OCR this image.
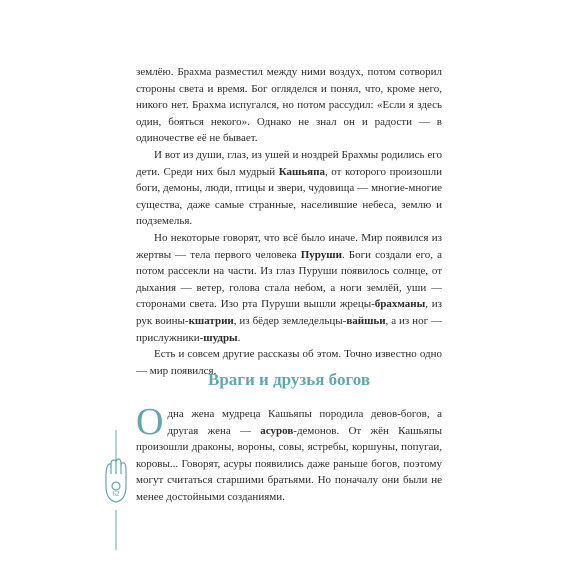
землёю. Брахма разместил между ними воздух, потом сотворил стороны света и время. Бог огляделся и понял, что, кроме него, никого нет. Брахма испугался, но потом рассудил: «Если я здесь один, бояться некого». Однако не знал он и радости — в одиночестве её не бывает.

И вот из души, глаз, из ушей и ноздрей Брахмы родились его дети. Среди них был мудрый Кашьяпа, от которого произошли боги, демоны, люди, птицы и звери, чудовища — многие-многие существа, даже самые странные, населившие небеса, землю и подземелья.

Но некоторые говорят, что всё было иначе. Мир появился из жертвы — тела первого человека Пуруши. Боги создали его, а потом рассекли на части. Из глаз Пуруши появилось солнце, от дыхания — ветер, голова стала небом, а ноги землёй, уши — сторонами света. Изо рта Пуруши вышли жрецы-брахманы, из рук воины-кшатрии, из бёдер земледельцы-вайшьи, а из ног — прислужники-шудры.

Есть и совсем другие рассказы об этом. Точно известно одно — мир появился.

Враги и друзья богов
О дна жена мудреца Кашьяпы породила девов-богов, а другая жена — асуров-демонов. От жён Кашьяпы произошли драконы, вороны, совы, ястребы, коршуны, попугаи, коровы... Говорят, асуры появились даже раньше богов, поэтому могут считаться старшими братьями. Но поначалу они были не менее достойными созданиями.
62
